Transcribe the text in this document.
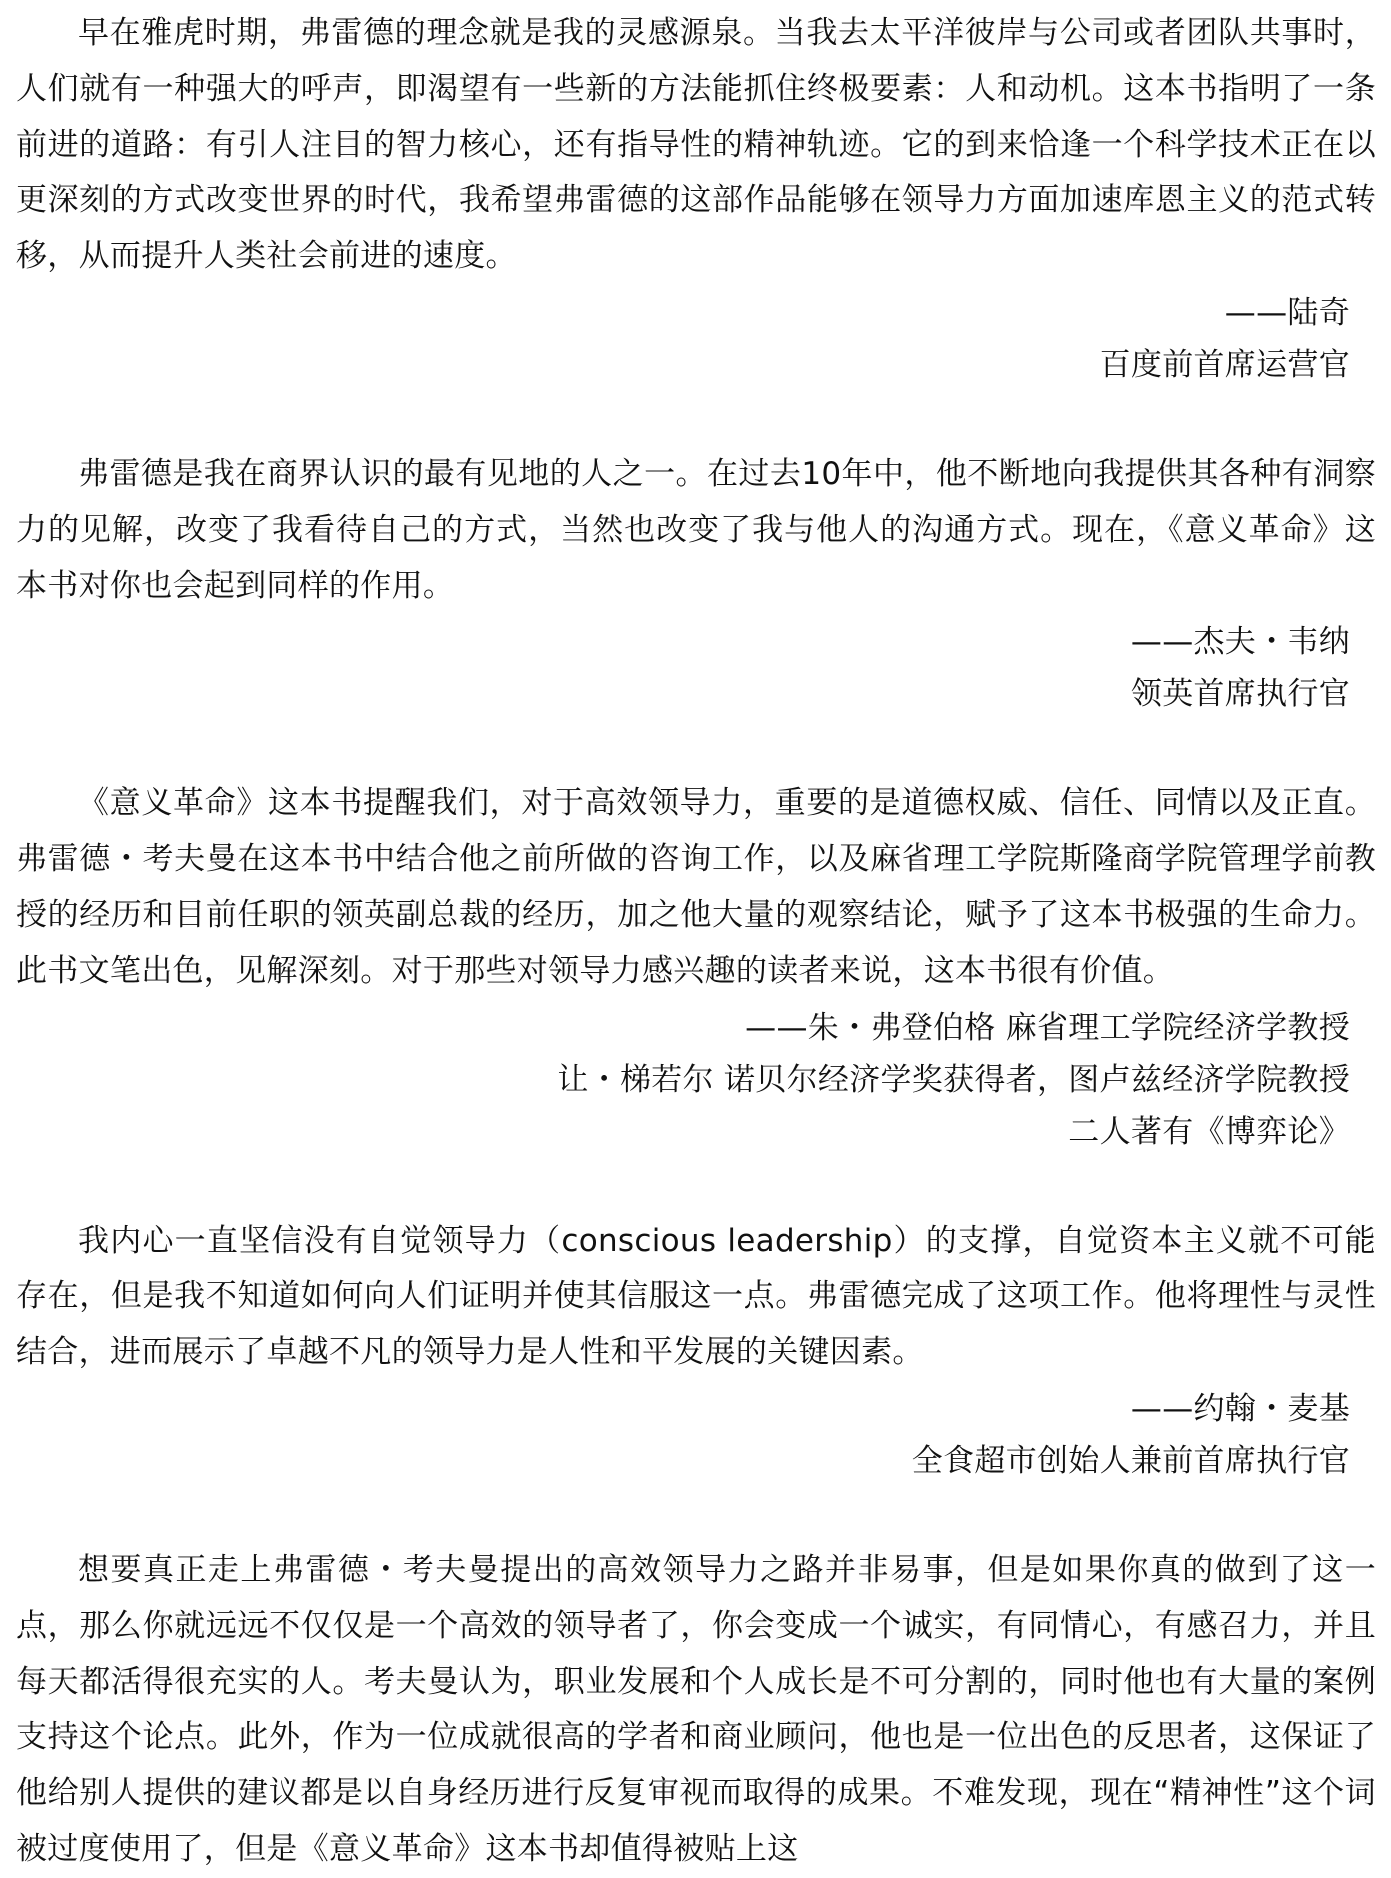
早在雅虎时期，弗雷德的理念就是我的灵感源泉。当我去太平洋彼岸与公司或者团队共事时，人们就有一种强大的呼声，即渴望有一些新的方法能抓住终极要素：人和动机。这本书指明了一条前进的道路：有引人注目的智力核心，还有指导性的精神轨迹。它的到来恰逢一个科学技术正在以更深刻的方式改变世界的时代，我希望弗雷德的这部作品能够在领导力方面加速库恩主义的范式转移，从而提升人类社会前进的速度。

——陆奇
百度前首席运营官

弗雷德是我在商界认识的最有见地的人之一。在过去10年中，他不断地向我提供其各种有洞察力的见解，改变了我看待自己的方式，当然也改变了我与他人的沟通方式。现在，《意义革命》这本书对你也会起到同样的作用。

——杰夫・韦纳
领英首席执行官

《意义革命》这本书提醒我们，对于高效领导力，重要的是道德权威、信任、同情以及正直。弗雷德・考夫曼在这本书中结合他之前所做的咨询工作，以及麻省理工学院斯隆商学院管理学前教授的经历和目前任职的领英副总裁的经历，加之他大量的观察结论，赋予了这本书极强的生命力。此书文笔出色，见解深刻。对于那些对领导力感兴趣的读者来说，这本书很有价值。

——朱・弗登伯格 麻省理工学院经济学教授
让・梯若尔 诺贝尔经济学奖获得者，图卢兹经济学院教授
二人著有《博弈论》

我内心一直坚信没有自觉领导力（conscious leadership）的支撑，自觉资本主义就不可能存在，但是我不知道如何向人们证明并使其信服这一点。弗雷德完成了这项工作。他将理性与灵性结合，进而展示了卓越不凡的领导力是人性和平发展的关键因素。

——约翰・麦基
全食超市创始人兼前首席执行官

想要真正走上弗雷德・考夫曼提出的高效领导力之路并非易事，但是如果你真的做到了这一点，那么你就远远不仅仅是一个高效的领导者了，你会变成一个诚实，有同情心，有感召力，并且每天都活得很充实的人。考夫曼认为，职业发展和个人成长是不可分割的，同时他也有大量的案例支持这个论点。此外，作为一位成就很高的学者和商业顾问，他也是一位出色的反思者，这保证了他给别人提供的建议都是以自身经历进行反复审视而取得的成果。不难发现，现在“精神性”这个词被过度使用了，但是《意义革命》这本书却值得被贴上这
